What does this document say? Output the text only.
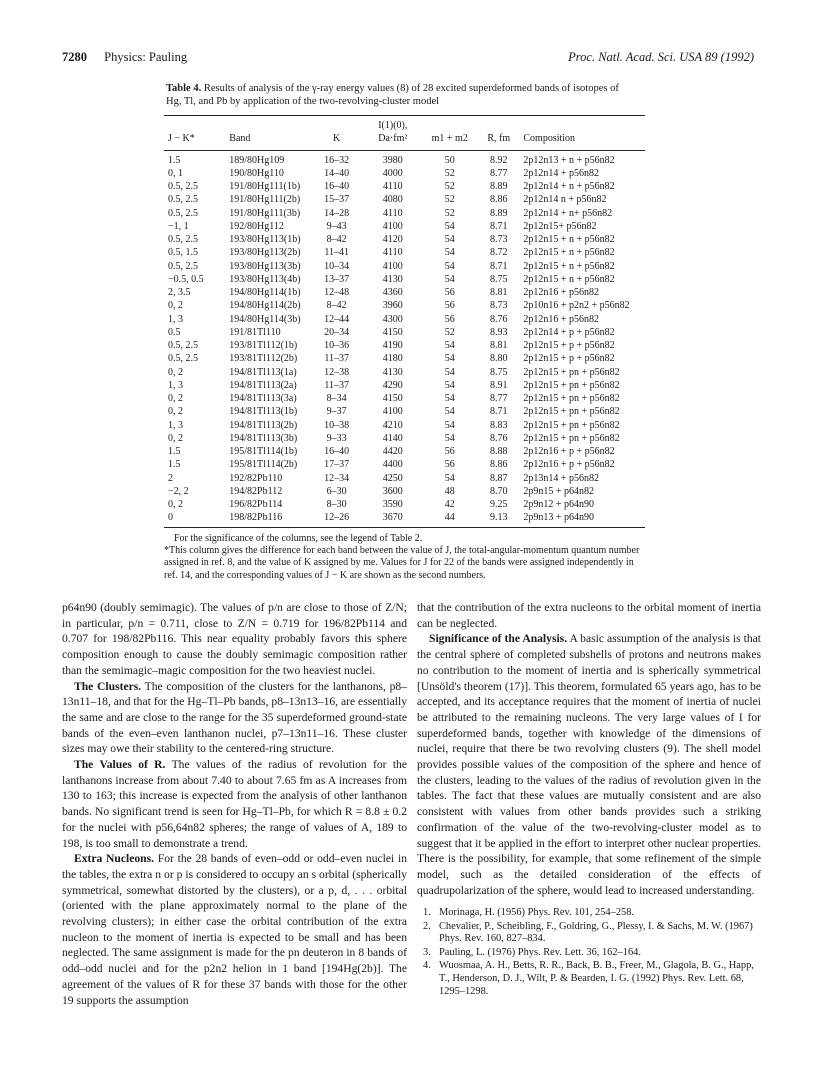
7280 Physics: Pauling	Proc. Natl. Acad. Sci. USA 89 (1992)
Table 4. Results of analysis of the γ-ray energy values (8) of 28 excited superdeformed bands of isotopes of Hg, Tl, and Pb by application of the two-revolving-cluster model
J − K*	Band	K	I(1)(0),
Da·fm²	m1 + m2	R, fm	Composition

1.5	189/80Hg109	16–32	3980	50	8.92	2p12n13 + n + p56n82
0, 1	190/80Hg110	14–40	4000	52	8.77	2p12n14 + p56n82
0.5, 2.5	191/80Hg111(1b)	16–40	4110	52	8.89	2p12n14 + n + p56n82
0.5, 2.5	191/80Hg111(2b)	15–37	4080	52	8.86	2p12n14 n + p56n82
0.5, 2.5	191/80Hg111(3b)	14–28	4110	52	8.89	2p12n14 + n+ p56n82
−1, 1	192/80Hg112	9–43	4100	54	8.71	2p12n15+ p56n82
0.5, 2.5	193/80Hg113(1b)	8–42	4120	54	8.73	2p12n15 + n + p56n82
0.5, 1.5	193/80Hg113(2b)	11–41	4110	54	8.72	2p12n15 + n + p56n82
0.5, 2.5	193/80Hg113(3b)	10–34	4100	54	8.71	2p12n15 + n + p56n82
−0.5, 0.5	193/80Hg113(4b)	13–37	4130	54	8.75	2p12n15 + n + p56n82
2, 3.5	194/80Hg114(1b)	12–48	4360	56	8.81	2p12n16 + p56n82
0, 2	194/80Hg114(2b)	8–42	3960	56	8.73	2p10n16 + p2n2 + p56n82
1, 3	194/80Hg114(3b)	12–44	4300	56	8.76	2p12n16 + p56n82
0.5	191/81Tl110	20–34	4150	52	8.93	2p12n14 + p + p56n82
0.5, 2.5	193/81Tl112(1b)	10–36	4190	54	8.81	2p12n15 + p + p56n82
0.5, 2.5	193/81Tl112(2b)	11–37	4180	54	8.80	2p12n15 + p + p56n82
0, 2	194/81Tl113(1a)	12–38	4130	54	8.75	2p12n15 + pn + p56n82
1, 3	194/81Tl113(2a)	11–37	4290	54	8.91	2p12n15 + pn + p56n82
0, 2	194/81Tl113(3a)	8–34	4150	54	8.77	2p12n15 + pn + p56n82
0, 2	194/81Tl113(1b)	9–37	4100	54	8.71	2p12n15 + pn + p56n82
1, 3	194/81Tl113(2b)	10–38	4210	54	8.83	2p12n15 + pn + p56n82
0, 2	194/81Tl113(3b)	9–33	4140	54	8.76	2p12n15 + pn + p56n82
1.5	195/81Tl114(1b)	16–40	4420	56	8.88	2p12n16 + p + p56n82
1.5	195/81Tl114(2b)	17–37	4400	56	8.86	2p12n16 + p + p56n82
2	192/82Pb110	12–34	4250	54	8.87	2p13n14 + p56n82
−2, 2	194/82Pb112	6–30	3600	48	8.70	2p9n15 + p64n82
0, 2	196/82Pb114	8–30	3590	42	9.25	2p9n12 + p64n90
0	198/82Pb116	12–26	3670	44	9.13	2p9n13 + p64n90

For the significance of the columns, see the legend of Table 2.

*This column gives the difference for each band between the value of J, the total-angular-momentum quantum number assigned in ref. 8, and the value of K assigned by me. Values for J for 22 of the bands were assigned independently in ref. 14, and the corresponding values of J − K are shown as the second numbers.

p64n90 (doubly semimagic). The values of p/n are close to those of Z/N; in particular, p/n = 0.711, close to Z/N = 0.719 for 196/82Pb114 and 0.707 for 198/82Pb116. This near equality probably favors this sphere composition enough to cause the doubly semimagic composition rather than the semimagic–magic composition for the two heaviest nuclei.

The Clusters. The composition of the clusters for the lanthanons, p8–13n11–18, and that for the Hg–Tl–Pb bands, p8–13n13–16, are essentially the same and are close to the range for the 35 superdeformed ground-state bands of the even–even lanthanon nuclei, p7–13n11–16. These cluster sizes may owe their stability to the centered-ring structure.

The Values of R. The values of the radius of revolution for the lanthanons increase from about 7.40 to about 7.65 fm as A increases from 130 to 163; this increase is expected from the analysis of other lanthanon bands. No significant trend is seen for Hg–Tl–Pb, for which R = 8.8 ± 0.2 for the nuclei with p56,64n82 spheres; the range of values of A, 189 to 198, is too small to demonstrate a trend.

Extra Nucleons. For the 28 bands of even–odd or odd–even nuclei in the tables, the extra n or p is considered to occupy an s orbital (spherically symmetrical, somewhat distorted by the clusters), or a p, d, . . . orbital (oriented with the plane approximately normal to the plane of the revolving clusters); in either case the orbital contribution of the extra nucleon to the moment of inertia is expected to be small and has been neglected. The same assignment is made for the pn deuteron in 8 bands of odd–odd nuclei and for the p2n2 helion in 1 band [194Hg(2b)]. The agreement of the values of R for these 37 bands with those for the other 19 supports the assumption

that the contribution of the extra nucleons to the orbital moment of inertia can be neglected.

Significance of the Analysis. A basic assumption of the analysis is that the central sphere of completed subshells of protons and neutrons makes no contribution to the moment of inertia and is spherically symmetrical [Unsöld's theorem (17)]. This theorem, formulated 65 years ago, has to be accepted, and its acceptance requires that the moment of inertia of nuclei be attributed to the remaining nucleons. The very large values of I for superdeformed bands, together with knowledge of the dimensions of nuclei, require that there be two revolving clusters (9). The shell model provides possible values of the composition of the sphere and hence of the clusters, leading to the values of the radius of revolution given in the tables. The fact that these values are mutually consistent and are also consistent with values from other bands provides such a striking confirmation of the value of the two-revolving-cluster model as to suggest that it be applied in the effort to interpret other nuclear properties. There is the possibility, for example, that some refinement of the simple model, such as the detailed consideration of the effects of quadrupolarization of the sphere, would lead to increased understanding.

1. Morinaga, H. (1956) Phys. Rev. 101, 254–258.
2. Chevalier, P., Scheibling, F., Goldring, G., Plessy, I. & Sachs, M. W. (1967) Phys. Rev. 160, 827–834.
3. Pauling, L. (1976) Phys. Rev. Lett. 36, 162–164.
4. Wuosmaa, A. H., Betts, R. R., Back, B. B., Freer, M., Glagola, B. G., Happ, T., Henderson, D. J., Wilt, P. & Bearden, I. G. (1992) Phys. Rev. Lett. 68, 1295–1298.
